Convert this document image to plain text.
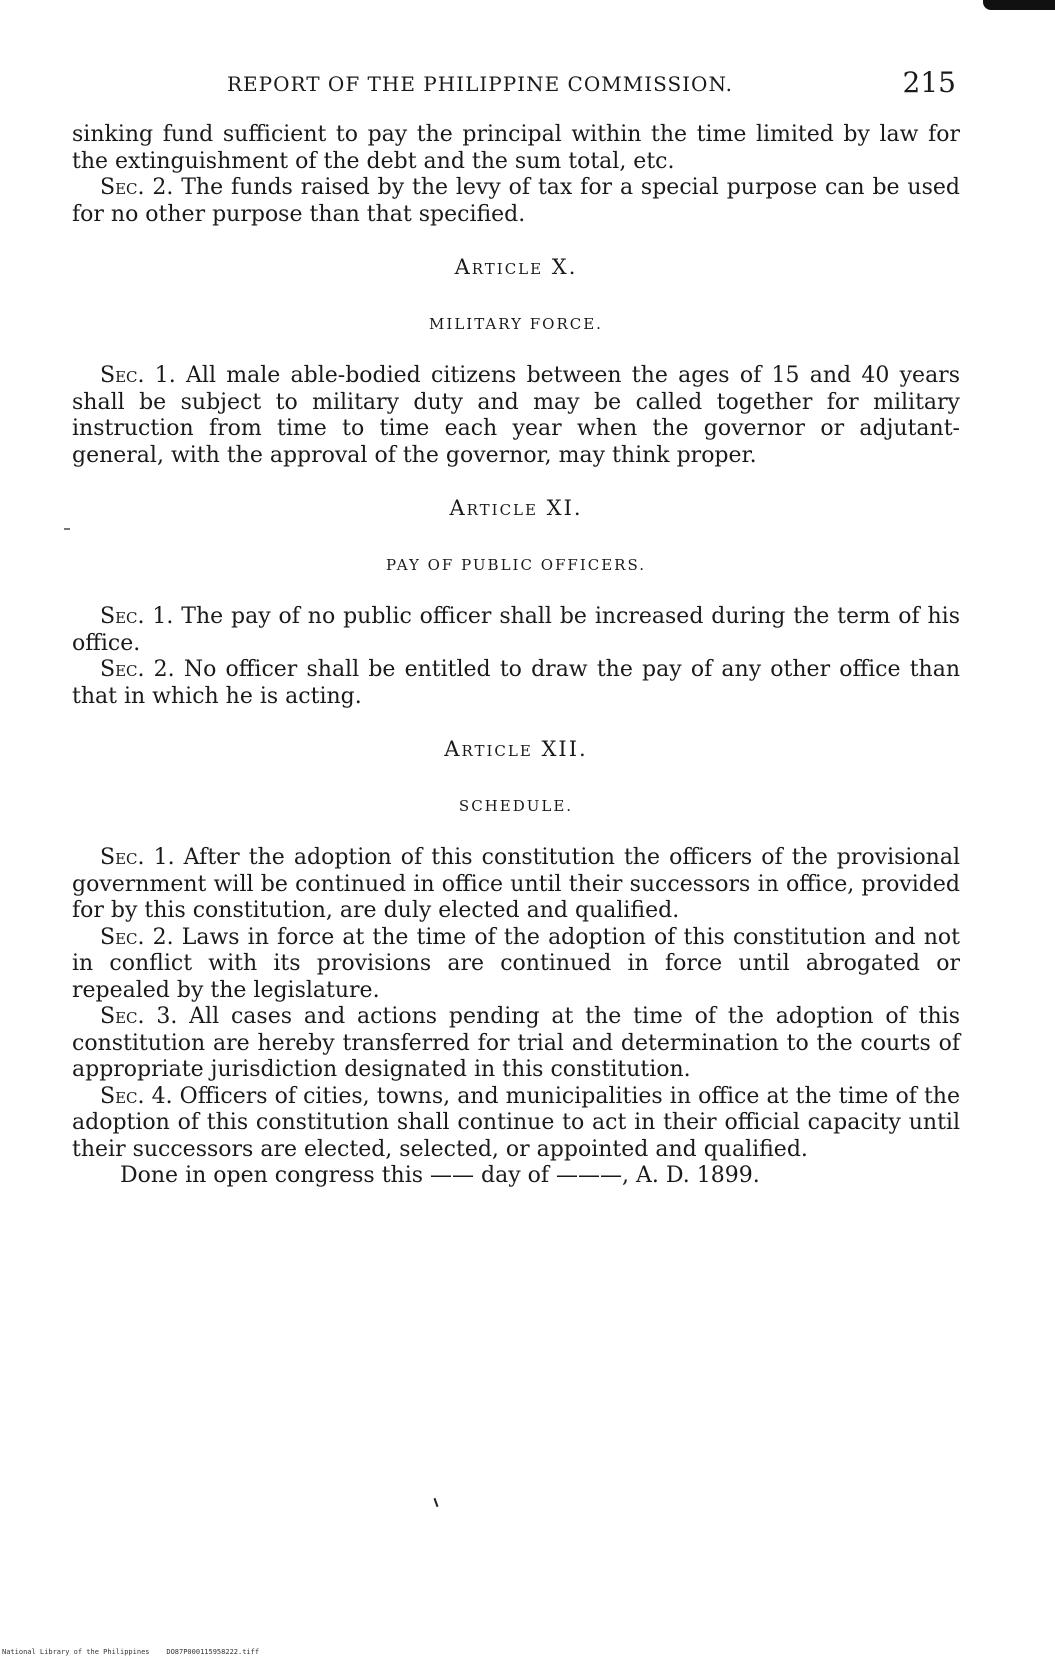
REPORT OF THE PHILIPPINE COMMISSION.	215

sinking fund sufficient to pay the principal within the time limited by law for the extinguishment of the debt and the sum total, etc.

Sec. 2. The funds raised by the levy of tax for a special purpose can be used for no other purpose than that specified.

Article X.
MILITARY FORCE.

Sec. 1. All male able-bodied citizens between the ages of 15 and 40 years shall be subject to military duty and may be called together for military instruction from time to time each year when the governor or adjutant-general, with the approval of the governor, may think proper.

Article XI.
PAY OF PUBLIC OFFICERS.

Sec. 1. The pay of no public officer shall be increased during the term of his office.

Sec. 2. No officer shall be entitled to draw the pay of any other office than that in which he is acting.

Article XII.
SCHEDULE.

Sec. 1. After the adoption of this constitution the officers of the provisional government will be continued in office until their successors in office, provided for by this constitution, are duly elected and qualified.

Sec. 2. Laws in force at the time of the adoption of this constitution and not in conflict with its provisions are continued in force until abrogated or repealed by the legislature.

Sec. 3. All cases and actions pending at the time of the adoption of this constitution are hereby transferred for trial and determination to the courts of appropriate jurisdiction designated in this constitution.

Sec. 4. Officers of cities, towns, and municipalities in office at the time of the adoption of this constitution shall continue to act in their official capacity until their successors are elected, selected, or appointed and qualified.

Done in open congress this —— day of ———, A. D. 1899.

National Library of the Philippines    DO87P000115958222.tiff
